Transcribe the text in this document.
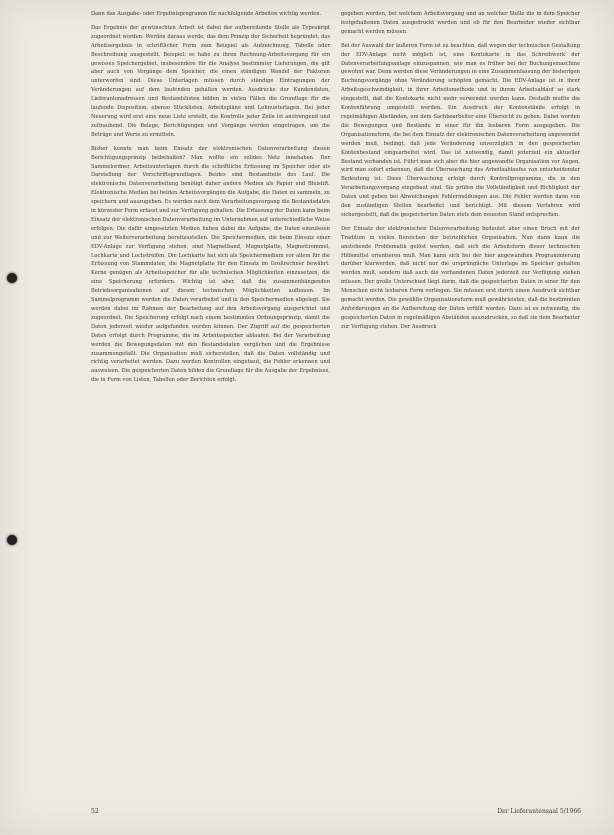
Dann das Ausgabe- oder Ergebnisprogramm für nachfolgende Arbeiten wichtig werden.

Das Ergebnis der gewünschten Arbeit ist dabei der aufbereitende Stelle als Typeskript zugeordnet worden. Werden daraus werde, das dem Prinzip der Sicherheit begründet, das Arbeitsergebnis in schriftlicher Form zum Beispiel als Aufzeichnung, Tabelle oder Beschreibung ausgestellt. Beispiel: es habe zu ihren Rechnung-Arbeitsvorgang für ein gewisses Speichergebiet, insbesondere für die Analyse bestimmter Lieferungen, die gilt aber auch von Vorgänge dem Speicher, die einen ständigen Wandel der Faktoren unterworfen sind. Diese Unterlagen müssen durch ständige Eintragungen der Veränderungen auf dem laufenden gehalten werden. Ausdrucke der Kundendaten, Lieferantenadressen und Bestandslisten bilden in vielen Fällen die Grundlage für die laufende Disposition, ebenso Stücklisten, Arbeitspläne und Lohnunterlagen. Bei jeder Neuerung wird erst eine neue Liste erstellt, die Kontrolle jeder Zeile ist anstrengend und zeitraubend. Die Belege, Berichtigungen und Vorgänge werden eingetragen, um die Beträge und Werte zu ermitteln.

Bisher konnte man beim Einsatz der elektronischen Datenverarbeitung diesen Berichtigungsprinzip beibehalten? Man wollte ein solides Netz innehaben. Der Sammelordner, Arbeitsunterlagen durch die schriftliche Erfassung im Speicher oder als Darstellung der Vorschriftsgrundlagen. Beides sind Bestandteile des Lauf. Die elektronische Datenverarbeitung benötigt daher andere Medien als Papier und Bleistift. Elektronische Medien bei beiden Arbeitsvorgängen die Aufgabe, die Daten zu sammeln, zu speichern und auszugeben. Es werden nach dem Verarbeitungsvorgang die Bestandsdaten in kürzester Form erfasst und zur Verfügung gehalten. Die Erfassung der Daten kann beim Einsatz der elektronischen Datenverarbeitung im Unternehmen auf unterschiedliche Weise erfolgen. Die dafür eingesetzten Medien haben dabei die Aufgabe, die Daten einzulesen und zur Weiterverarbeitung bereitzustellen. Die Speichermedien, die beim Einsatz einer EDV-Anlage zur Verfügung stehen, sind Magnetband, Magnetplatte, Magnettrommel, Lochkarte und Lochstreifen. Die Lochkarte hat sich als Speichermedium vor allem für die Erfassung von Stammdaten, die Magnetplatte für den Einsatz im Großrechner bewährt. Kerne genügen als Arbeitsspeicher für alle technischen Möglichkeiten einzusetzen, die eine Speicherung erfordern. Wichtig ist aber, daß die zusammenhängenden Betriebsorganisationen auf diesen technischen Möglichkeiten aufbauen. Im Sammelprogramm werden die Daten verarbeitet und in den Speichermedien abgelegt. Sie werden dabei im Rahmen der Bearbeitung auf den Arbeitsvorgang ausgerichtet und zugeordnet. Die Speicherung erfolgt nach einem bestimmten Ordnungsprinzip, damit die Daten jederzeit wieder aufgefunden werden können. Der Zugriff auf die gespeicherten Daten erfolgt durch Programme, die im Arbeitsspeicher ablaufen. Bei der Verarbeitung werden die Bewegungsdaten mit den Bestandsdaten verglichen und die Ergebnisse zusammengefaßt. Die Organisation muß sicherstellen, daß die Daten vollständig und richtig verarbeitet werden. Dazu werden Kontrollen eingebaut, die Fehler erkennen und ausweisen. Die gespeicherten Daten bilden die Grundlage für die Ausgabe der Ergebnisse, die in Form von Listen, Tabellen oder Berichten erfolgt.

gegeben werden, bei welchem Arbeitsvorgang und an welcher Stelle die in dem Speicher festgehaltenen Daten ausgedruckt werden und ob für den Bearbeiter wieder sichtbar gemacht werden müssen.

Bei der Auswahl der äußeren Form ist zu beachten, daß wegen der technischen Gestaltung der EDV-Anlage nicht möglich ist, eine Kontokarte in das Schreibwerk der Datenverarbeitungsanlage einzuspannen, wie man es früher bei der Buchungsmaschine gewohnt war. Denn werden diese Veränderungen in eine Zusammenfassung der bisherigen Buchungsvorgänge ohne Veränderung schöpfen gemacht. Die EDV-Anlage ist in ihrer Arbeitsgeschwindigkeit, in ihrer Arbeitsmethode und in ihrem Arbeitsablauf so stark eingestellt, daß die Kontokarte nicht mehr verwendet werden kann. Deshalb mußte die Kontenführung umgestellt werden. Ein Ausdruck der Kontenstände erfolgt in regelmäßigen Abständen, um dem Sachbearbeiter eine Übersicht zu geben. Dabei werden die Bewegungen und Bestände in einer für ihn lesbaren Form ausgegeben. Die Organisationsform, die bei dem Einsatz der elektronischen Datenverarbeitung angewendet werden muß, bedingt, daß jede Veränderung unverzüglich in den gespeicherten Kontenbestand eingearbeitet wird. Das ist notwendig, damit jederzeit ein aktueller Bestand vorhanden ist. Führt man sich aber die hier angewandte Organisation vor Augen, wird man sofort erkennen, daß die Überwachung des Arbeitsablaufes von entscheidender Bedeutung ist. Diese Überwachung erfolgt durch Kontrollprogramme, die in den Verarbeitungsvorgang eingebaut sind. Sie prüfen die Vollständigkeit und Richtigkeit der Daten und geben bei Abweichungen Fehlermeldungen aus. Die Fehler werden dann von den zuständigen Stellen bearbeitet und berichtigt. Mit diesem Verfahren wird sichergestellt, daß die gespeicherten Daten stets dem neuesten Stand entsprechen.

Der Einsatz der elektronischen Datenverarbeitung bedeutet aber einen Bruch mit der Tradition in vielen Bereichen der betrieblichen Organisation. Nun dann kann die anstehende Problematik gelöst werden, daß sich die Arbeitsform dieser technischen Hilfsmittel orientieren muß. Man kann sich bei der hier angewandten Programmierung darüber klarwerden, daß nicht nur die ursprüngliche Unterlage im Speicher gehalten werden muß, sondern daß auch die vorhandenen Daten jederzeit zur Verfügung stehen müssen. Der große Unterschied liegt darin, daß die gespeicherten Daten in einer für den Menschen nicht lesbaren Form vorliegen. Sie müssen erst durch einen Ausdruck sichtbar gemacht werden. Die gewählte Organisationsform muß gewährleisten, daß die bestimmten Anforderungen an die Aufbereitung der Daten erfüllt werden. Dazu ist es notwendig, die gespeicherten Daten in regelmäßigen Abständen auszudrucken, so daß sie dem Bearbeiter zur Verfügung stehen. Der Ausdruck

52	Der Lieferantensaal 5/1966
